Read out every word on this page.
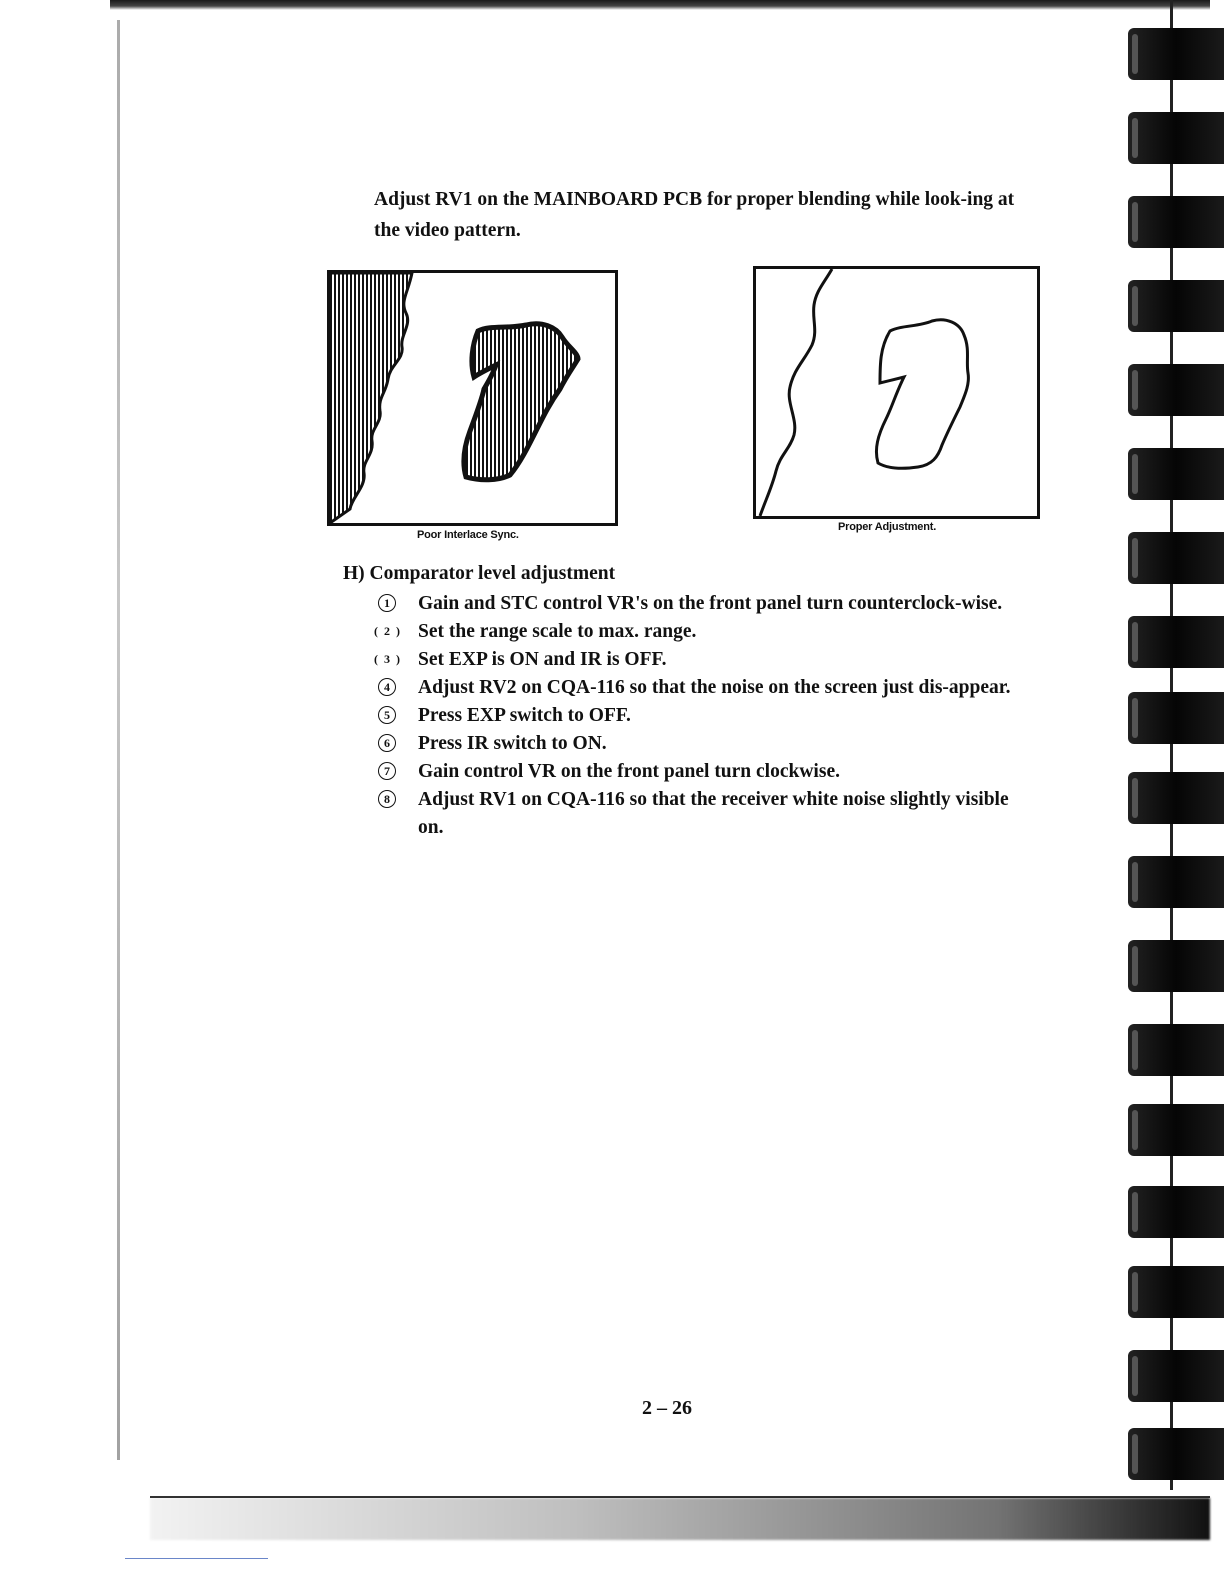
Adjust RV1 on the MAINBOARD PCB for proper blending while look-ing at the video pattern.
Poor Interlace Sync.
Proper Adjustment.
H) Comparator level adjustment
1	Gain and STC control VR's on the front panel turn counterclock-wise.
( 2 )	Set the range scale to max. range.
( 3 )	Set EXP is ON and IR is OFF.
4	Adjust RV2 on CQA-116 so that the noise on the screen just dis-appear.
5	Press EXP switch to OFF.
6	Press IR switch to ON.
7	Gain control VR on the front panel turn clockwise.
8	Adjust RV1 on CQA-116 so that the receiver white noise slightly visible on.
2 – 26
